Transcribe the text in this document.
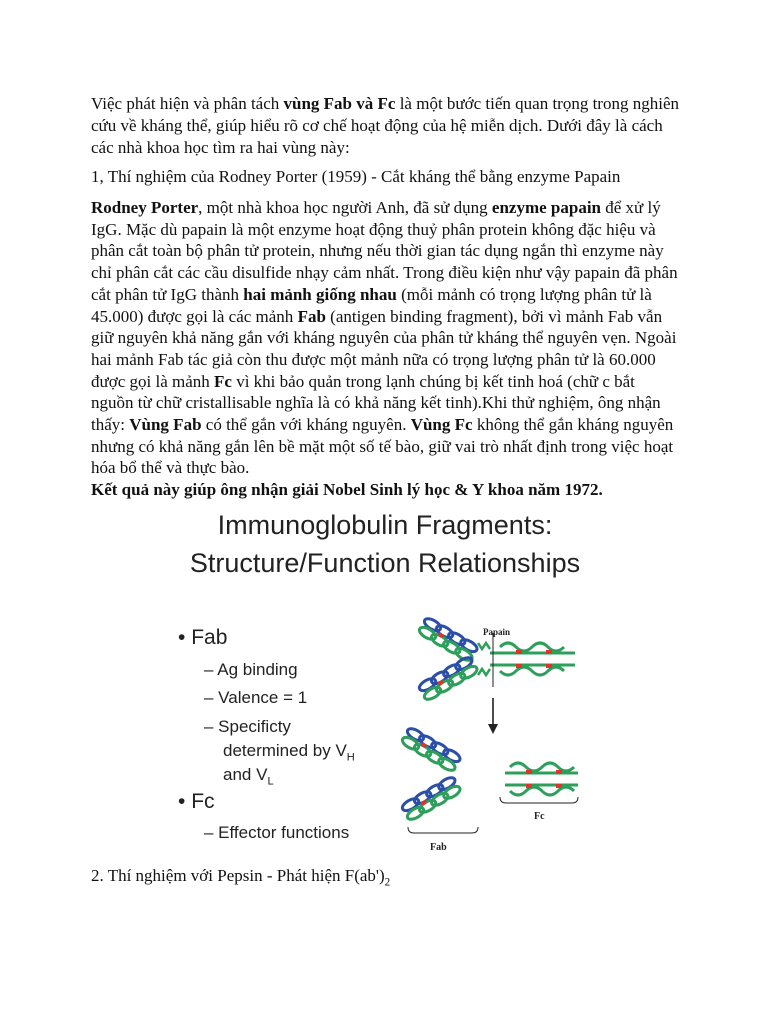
Việc phát hiện và phân tách vùng Fab và Fc là một bước tiến quan trọng trong nghiên cứu về kháng thể, giúp hiểu rõ cơ chế hoạt động của hệ miễn dịch. Dưới đây là cách các nhà khoa học tìm ra hai vùng này:

1, Thí nghiệm của Rodney Porter (1959) - Cắt kháng thể bằng enzyme Papain

Rodney Porter, một nhà khoa học người Anh, đã sử dụng enzyme papain để xử lý IgG. Mặc dù papain là một enzyme hoạt động thuỷ phân protein không đặc hiệu và phân cắt toàn bộ phân tử protein, nhưng nếu thời gian tác dụng ngắn thì enzyme này chỉ phân cắt các cầu disulfide nhạy cảm nhất. Trong điều kiện như vậy papain đã phân cắt phân tử IgG thành hai mảnh giống nhau (mỗi mảnh có trọng lượng phân tử là 45.000) được gọi là các mảnh Fab (antigen binding fragment), bởi vì mảnh Fab vẫn giữ nguyên khả năng gắn với kháng nguyên của phân tử kháng thể nguyên vẹn. Ngoài hai mảnh Fab tác giả còn thu được một mảnh nữa có trọng lượng phân tử là 60.000 được gọi là mảnh Fc vì khi bảo quản trong lạnh chúng bị kết tinh hoá (chữ c bắt nguồn từ chữ cristallisable nghĩa là có khả năng kết tinh).Khi thử nghiệm, ông nhận thấy: Vùng Fab có thể gắn với kháng nguyên. Vùng Fc không thể gắn kháng nguyên nhưng có khả năng gắn lên bề mặt một số tế bào, giữ vai trò nhất định trong việc hoạt hóa bổ thể và thực bào.

Kết quả này giúp ông nhận giải Nobel Sinh lý học & Y khoa năm 1972.

Immunoglobulin Fragments:
Structure/Function Relationships
• Fab
– Ag binding
– Valence = 1
– Specificty
determined by $V_H$
and $V_L$
• Fc
– Effector functions
Papain
Fab
Fc

2. Thí nghiệm với Pepsin - Phát hiện $F(ab')_2$
